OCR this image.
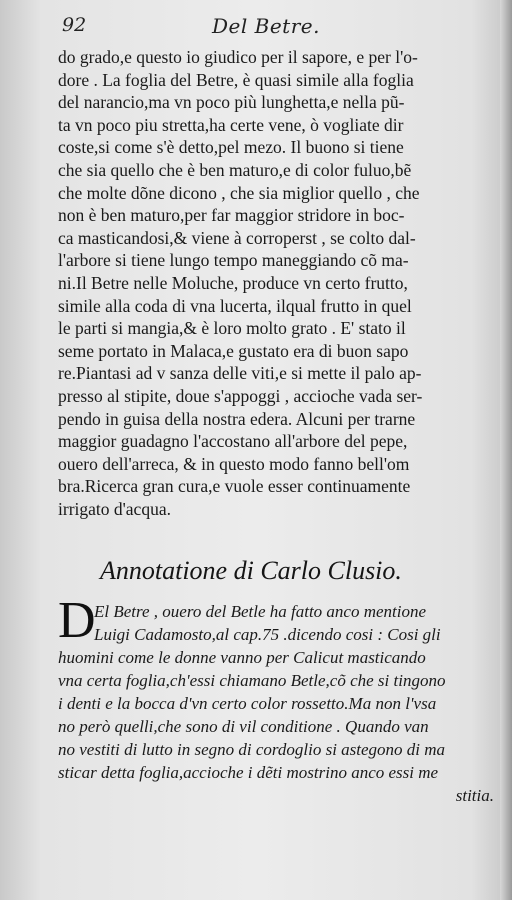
92	Del Betre.
do grado,e questo io giudico per il sapore, e per l'o-
dore . La foglia del Betre, è quasi simile alla foglia
del narancio,ma vn poco più lunghetta,e nella pũ-
ta vn poco piu stretta,ha certe vene, ò vogliate dir
coste,si come s'è detto,pel mezo. Il buono si tiene
che sia quello che è ben maturo,e di color fuluo,bẽ
che molte dõne dicono , che sia miglior quello , che
non è ben maturo,per far maggior stridore in boc-
ca masticandosi,& viene à corroperst , se colto dal-
l'arbore si tiene lungo tempo maneggiando cõ ma-
ni.Il Betre nelle Moluche, produce vn certo frutto,
simile alla coda di vna lucerta, ilqual frutto in quel
le parti si mangia,& è loro molto grato . E' stato il
seme portato in Malaca,e gustato era di buon sapo
re.Piantasi ad v sanza delle viti,e si mette il palo ap-
presso al stipite, doue s'appoggi , accioche vada ser-
pendo in guisa della nostra edera. Alcuni per trarne
maggior guadagno l'accostano all'arbore del pepe,
ouero dell'arreca, & in questo modo fanno bell'om
bra.Ricerca gran cura,e vuole esser continuamente
irrigato d'acqua.
Annotatione di Carlo Clusio.
D
El Betre , ouero del Betle ha fatto anco mentione
Luigi Cadamosto,al cap.75 .dicendo cosi : Cosi gli
huomini come le donne vanno per Calicut masticando
vna certa foglia,ch'essi chiamano Betle,cõ che si tingono
i denti e la bocca d'vn certo color rossetto.Ma non l'vsa
no però quelli,che sono di vil conditione . Quando van
no vestiti di lutto in segno di cordoglio si astegono di ma
sticar detta foglia,accioche i dẽti mostrino anco essi me
stitia.
